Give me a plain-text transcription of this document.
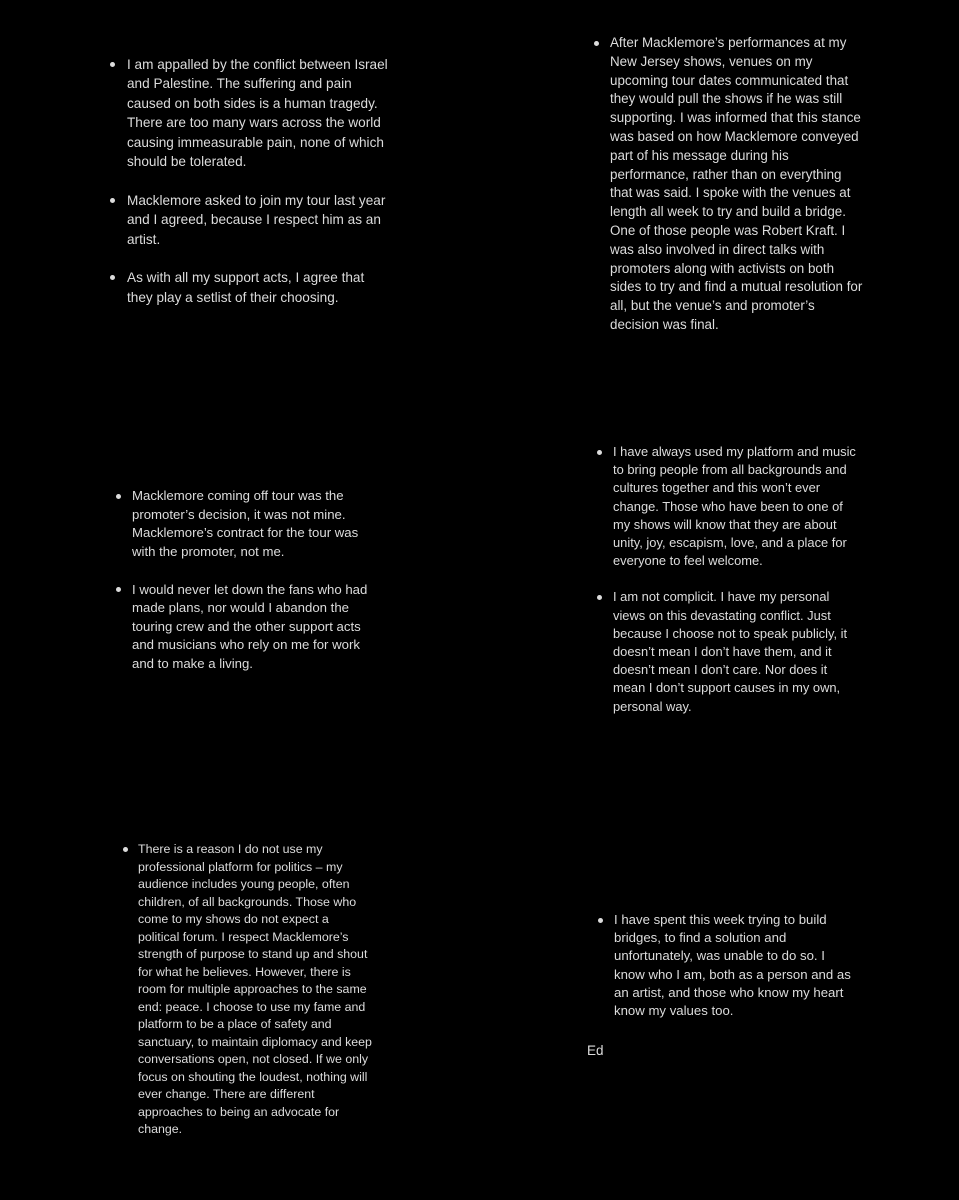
I am appalled by the conflict between Israel and Palestine. The suffering and pain caused on both sides is a human tragedy. There are too many wars across the world causing immeasurable pain, none of which should be tolerated.
Macklemore asked to join my tour last year and I agreed, because I respect him as an artist.
As with all my support acts, I agree that they play a setlist of their choosing.
After Macklemore’s performances at my New Jersey shows, venues on my upcoming tour dates communicated that they would pull the shows if he was still supporting. I was informed that this stance was based on how Macklemore conveyed part of his message during his performance, rather than on everything that was said. I spoke with the venues at length all week to try and build a bridge. One of those people was Robert Kraft. I was also involved in direct talks with promoters along with activists on both sides to try and find a mutual resolution for all, but the venue’s and promoter’s decision was final.
Macklemore coming off tour was the promoter’s decision, it was not mine. Macklemore’s contract for the tour was with the promoter, not me.
I would never let down the fans who had made plans, nor would I abandon the touring crew and the other support acts and musicians who rely on me for work and to make a living.
I have always used my platform and music to bring people from all backgrounds and cultures together and this won’t ever change. Those who have been to one of my shows will know that they are about unity, joy, escapism, love, and a place for everyone to feel welcome.
I am not complicit. I have my personal views on this devastating conflict. Just because I choose not to speak publicly, it doesn’t mean I don’t have them, and it doesn’t mean I don’t care. Nor does it mean I don’t support causes in my own, personal way.
There is a reason I do not use my professional platform for politics – my audience includes young people, often children, of all backgrounds. Those who come to my shows do not expect a political forum. I respect Macklemore’s strength of purpose to stand up and shout for what he believes. However, there is room for multiple approaches to the same end: peace. I choose to use my fame and platform to be a place of safety and sanctuary, to maintain diplomacy and keep conversations open, not closed. If we only focus on shouting the loudest, nothing will ever change. There are different approaches to being an advocate for change.
I have spent this week trying to build bridges, to find a solution and unfortunately, was unable to do so. I know who I am, both as a person and as an artist, and those who know my heart know my values too.
Ed
